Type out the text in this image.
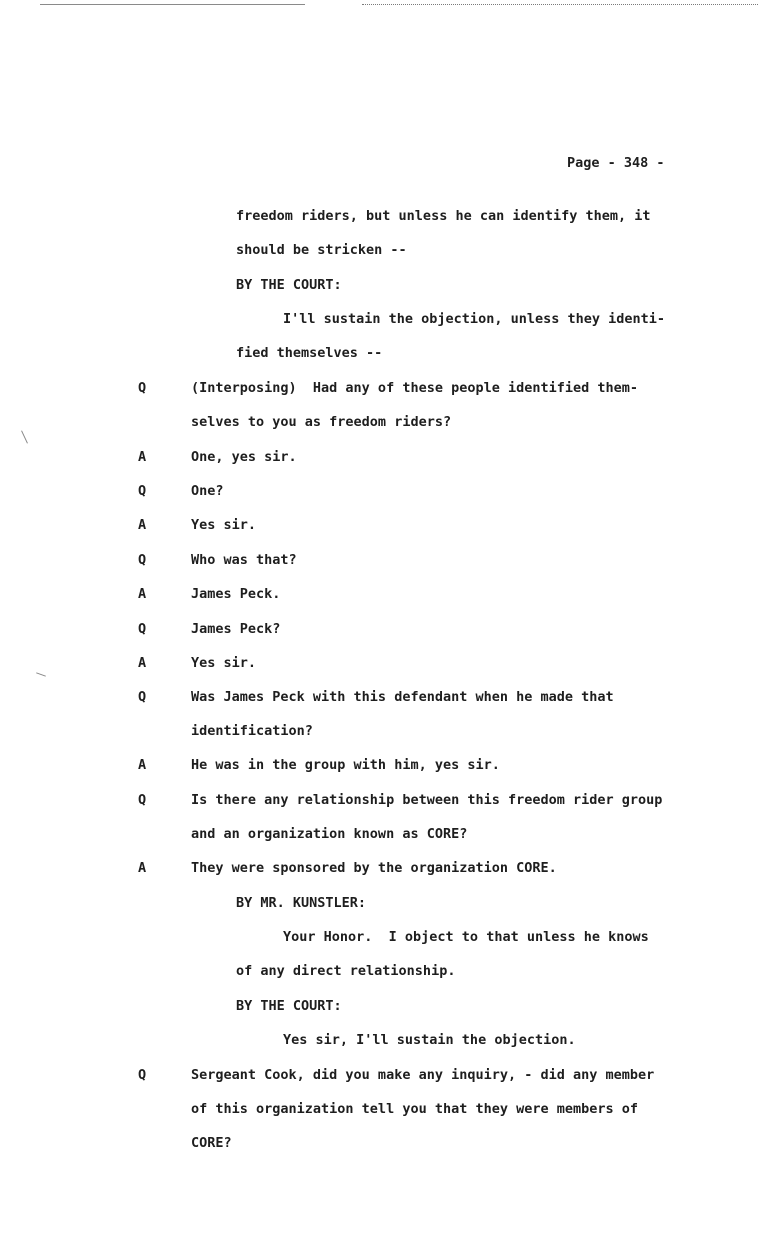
Page - 348 -
freedom riders, but unless he can identify them, it
should be stricken --
BY THE COURT:
I'll sustain the objection, unless they identi-
fied themselves --
Q	(Interposing)  Had any of these people identified them-
selves to you as freedom riders?
A	One, yes sir.
Q	One?
A	Yes sir.
Q	Who was that?
A	James Peck.
Q	James Peck?
A	Yes sir.
Q	Was James Peck with this defendant when he made that
identification?
A	He was in the group with him, yes sir.
Q	Is there any relationship between this freedom rider group
and an organization known as CORE?
A	They were sponsored by the organization CORE.
BY MR. KUNSTLER:
Your Honor.  I object to that unless he knows
of any direct relationship.
BY THE COURT:
Yes sir, I'll sustain the objection.
Q	Sergeant Cook, did you make any inquiry, - did any member
of this organization tell you that they were members of
CORE?
